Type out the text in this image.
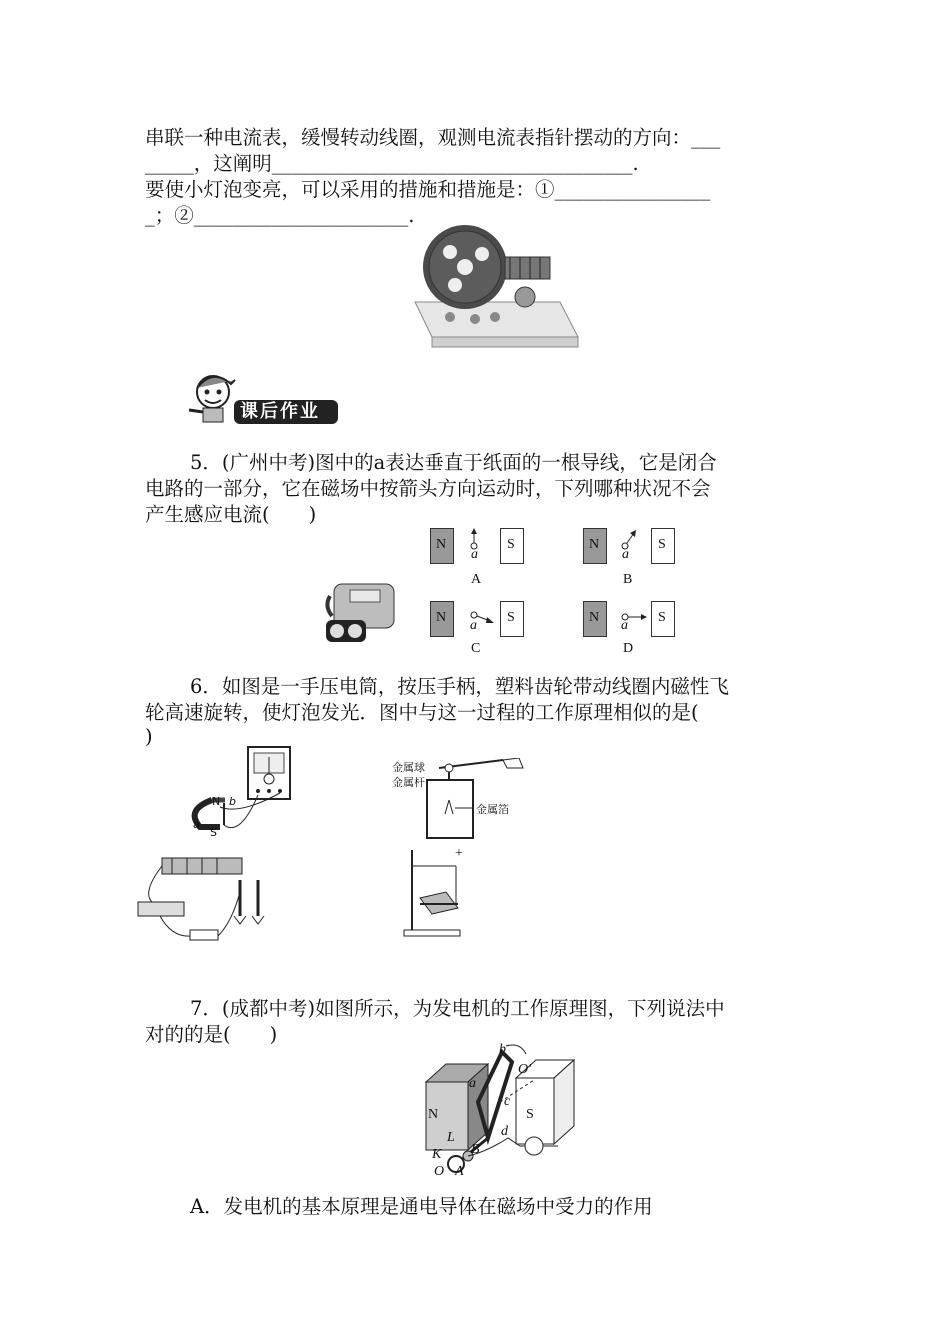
串联一种电流表，缓慢转动线圈，观测电流表指针摆动的方向：___
_____，这阐明_____________________________________.
要使小灯泡变亮，可以采用的措施和措施是：①________________
_；②______________________.
课后作业
5．(广州中考)图中的a表达垂直于纸面的一根导线，它是闭合
电路的一部分，它在磁场中按箭头方向运动时，下列哪种状况不会
产生感应电流(　　)
N
a
S
A
N
a
S
B
N
a
S
C
N
a
S
D
6．如图是一手压电筒，按压手柄，塑料齿轮带动线圈内磁性飞
轮高速旋转，使灯泡发光．图中与这一过程的工作原理相似的是(
)
N b
a
S
金属球
金属杆
金属箔
+
7．(成都中考)如图所示，为发电机的工作原理图，下列说法中
对的的是(　　)
b
O'
a
c
N	S
d
L
K B
O A
A．发电机的基本原理是通电导体在磁场中受力的作用
